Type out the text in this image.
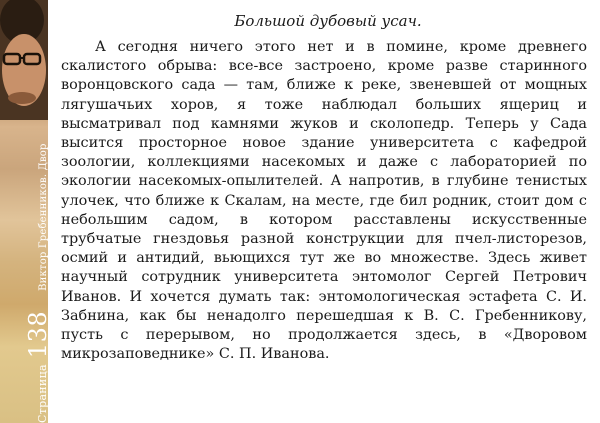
Страница
138
Виктор Гребенников. Двор
Большой дубовый усач.

А сегодня ничего этого нет и в помине, кроме древнего скалистого обрыва: все-все застроено, кроме разве старинного воронцовского сада — там, ближе к реке, звеневшей от мощных лягушачьих хоров, я тоже наблюдал больших ящериц и высматривал под камнями жуков и сколопедр. Теперь у Сада высится просторное новое здание университета с кафедрой зоологии, коллекциями насекомых и даже с лабораторией по экологии насекомых-опылителей. А напротив, в глубине тенистых улочек, что ближе к Скалам, на месте, где бил родник, стоит дом с небольшим садом, в котором расставлены искусственные трубчатые гнездовья разной конструкции для пчел-листорезов, осмий и антидий, вьющихся тут же во множестве. Здесь живет научный сотрудник университета энтомолог Сергей Петрович Иванов. И хочется думать так: энтомологическая эстафета С. И. Забнина, как бы ненадолго перешедшая к В. С. Гребенникову, пусть с перерывом, но продолжается здесь, в «Дворовом микрозаповеднике» С. П. Иванова.
